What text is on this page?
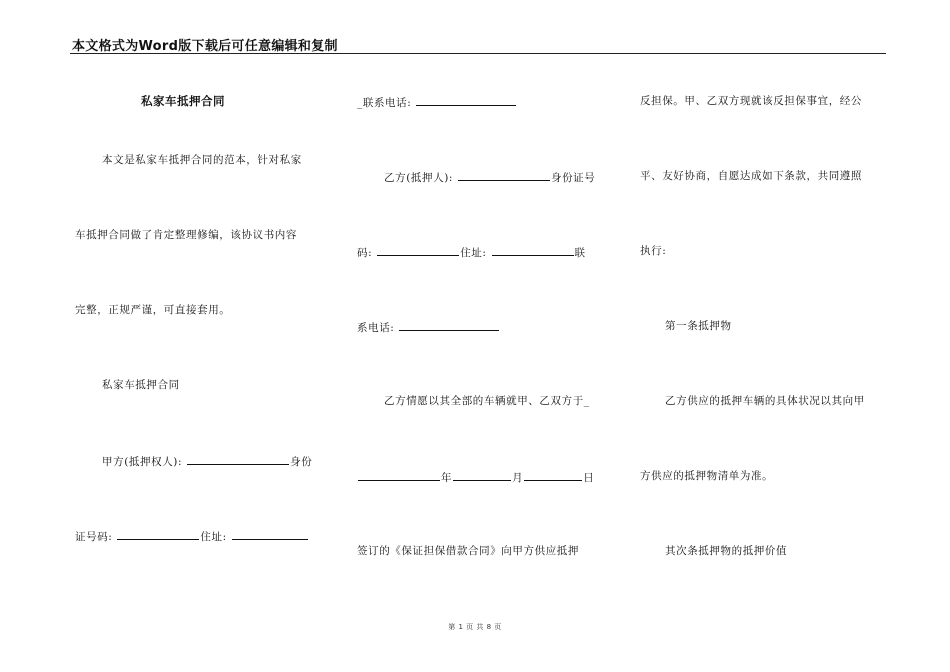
本文格式为Word版下载后可任意编辑和复制
私家车抵押合同
本文是私家车抵押合同的范本，针对私家
车抵押合同做了肯定整理修编，该协议书内容
完整，正规严谨，可直接套用。
私家车抵押合同
甲方(抵押权人):	身份
证号码:	住址:
_联系电话:
乙方(抵押人):	身份证号
码:	住址:	联
系电话:
乙方情愿以其全部的车辆就甲、乙双方于_
年	月	日
签订的《保证担保借款合同》向甲方供应抵押
反担保。甲、乙双方现就该反担保事宜，经公
平、友好协商，自愿达成如下条款，共同遵照
执行:
第一条抵押物
乙方供应的抵押车辆的具体状况以其向甲
方供应的抵押物清单为准。
其次条抵押物的抵押价值
第 1 页 共 8 页
